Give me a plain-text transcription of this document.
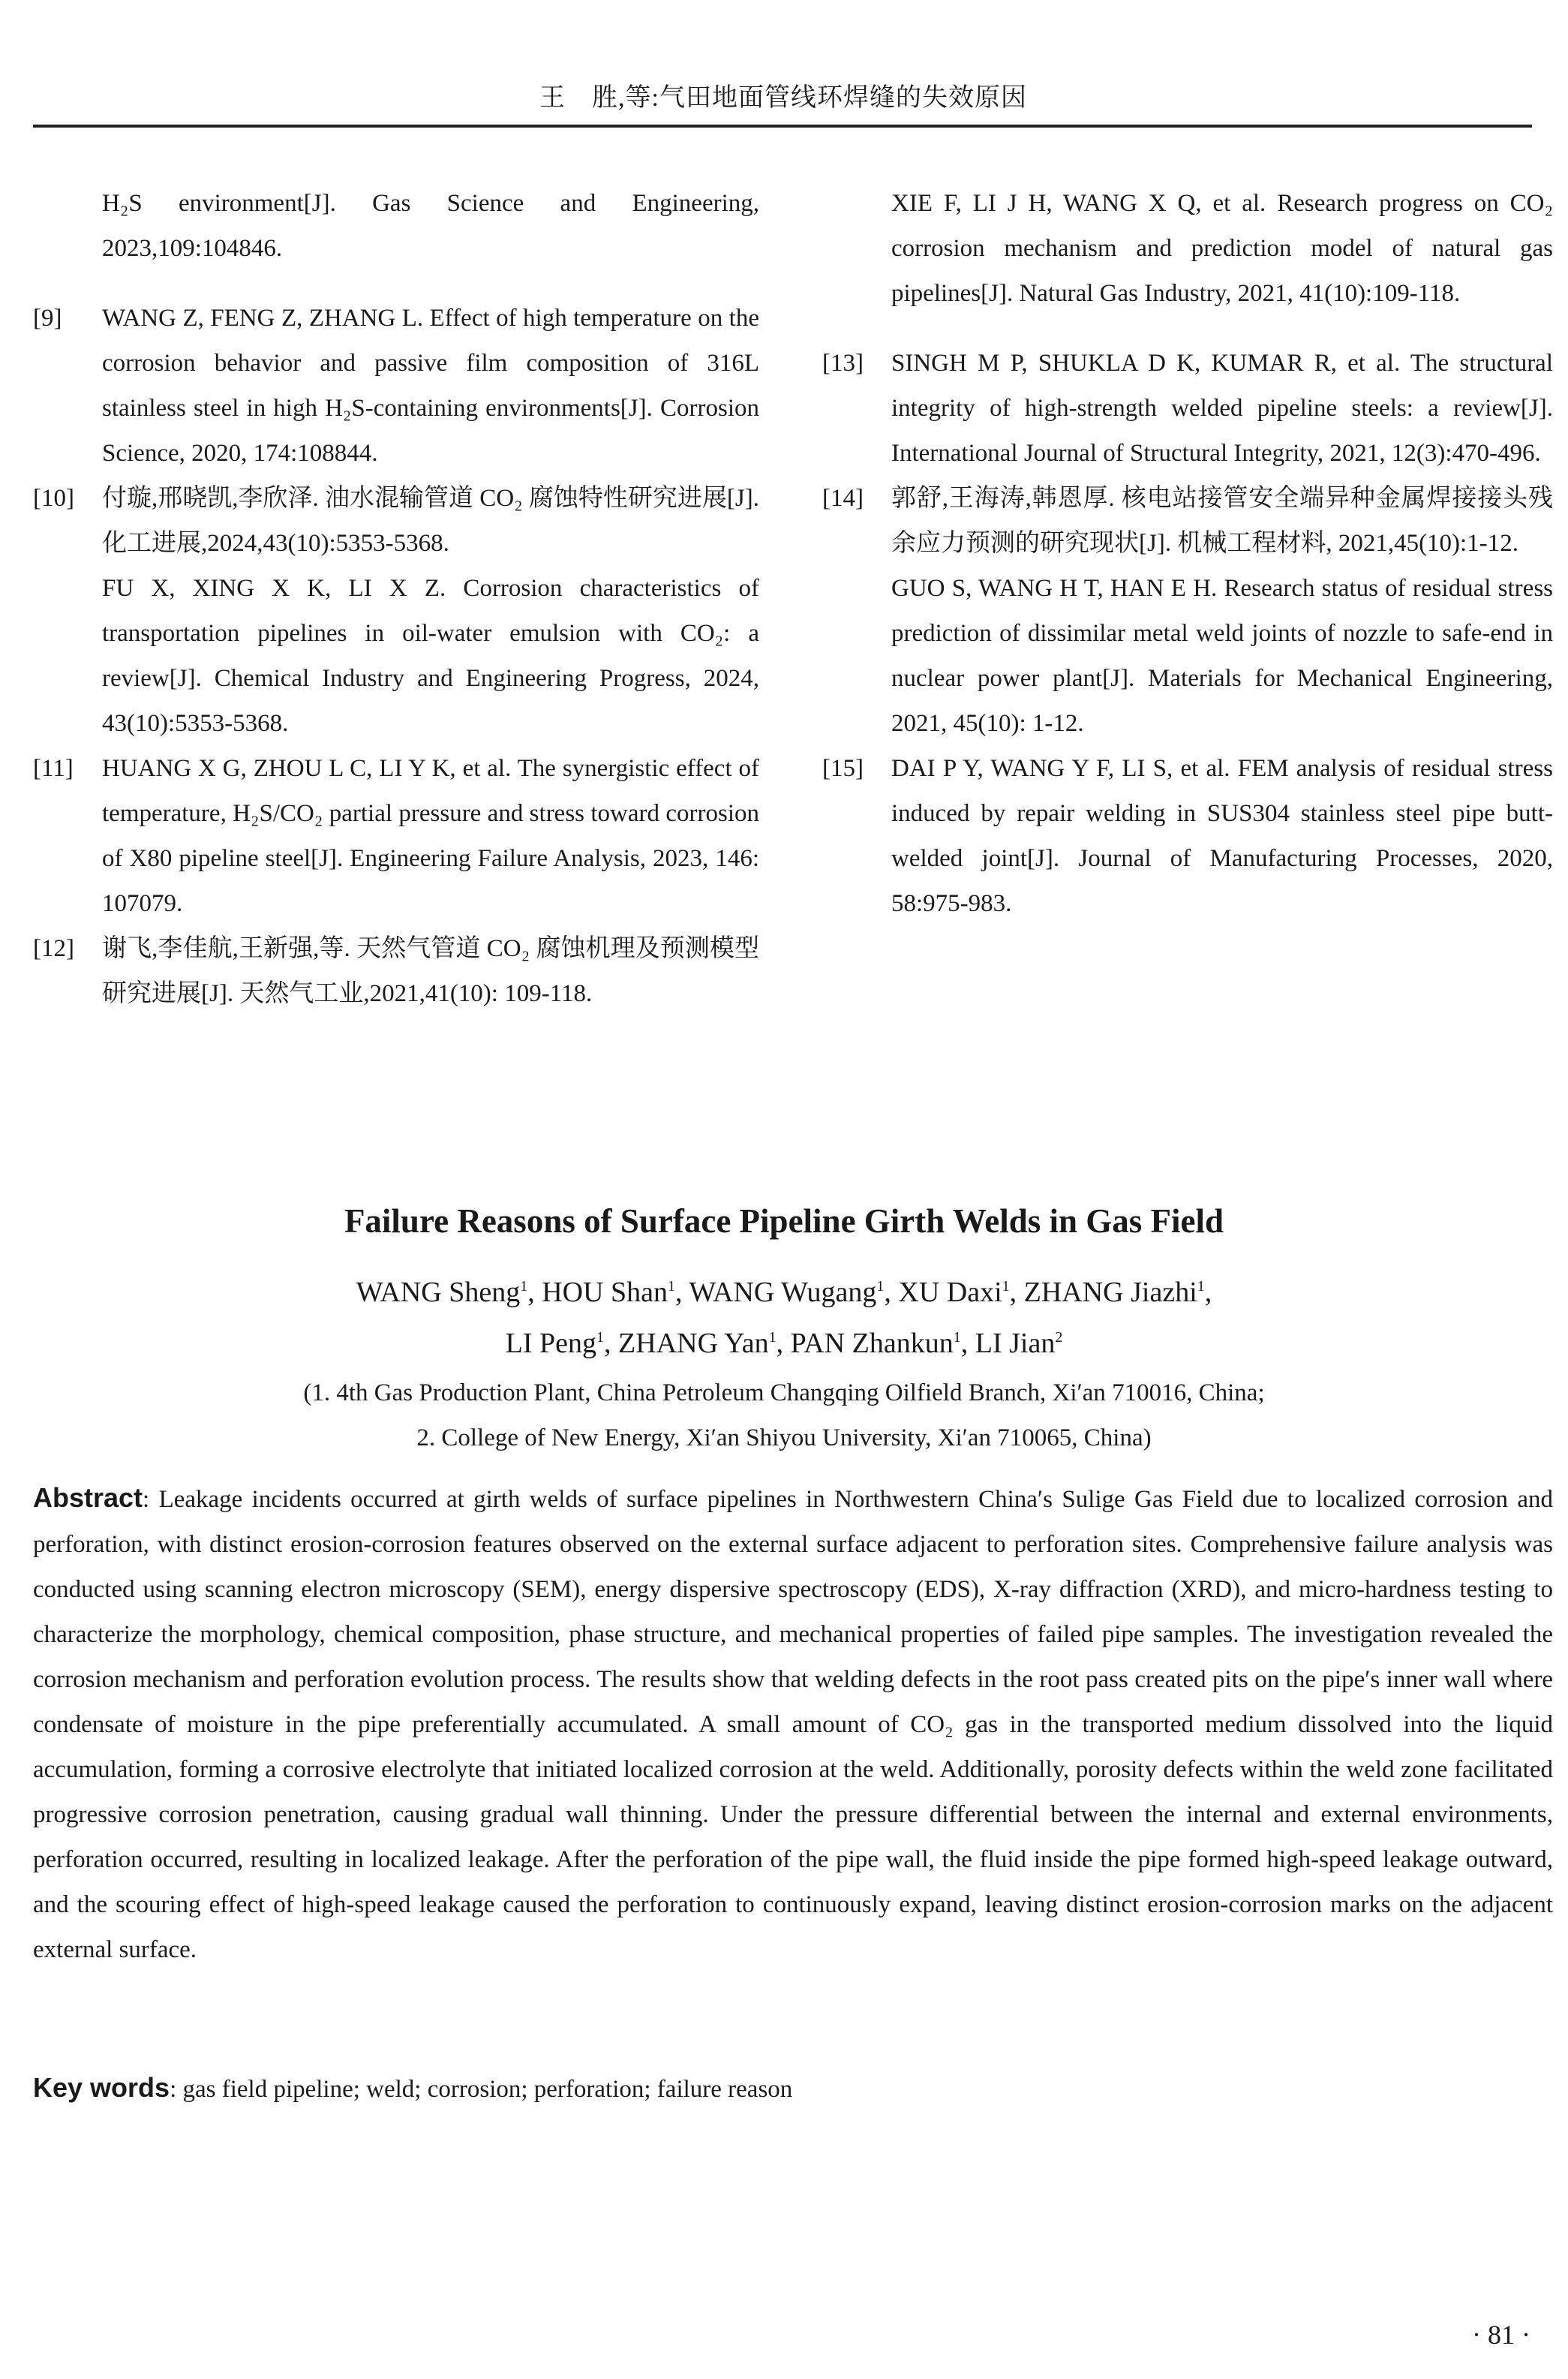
王　胜,等:气田地面管线环焊缝的失效原因

H₂S environment[J]. Gas Science and Engineering, 2023,109:104846.

[9]	WANG Z, FENG Z, ZHANG L. Effect of high temperature on the corrosion behavior and passive film composition of 316L stainless steel in high H₂S-containing environments[J]. Corrosion Science, 2020, 174:108844.

[10]	付璇,邢晓凯,李欣泽. 油水混输管道 CO₂ 腐蚀特性研究进展[J]. 化工进展,2024,43(10):5353-5368.

FU X, XING X K, LI X Z. Corrosion characteristics of transportation pipelines in oil-water emulsion with CO₂: a review[J]. Chemical Industry and Engineering Progress, 2024, 43(10):5353-5368.

[11]	HUANG X G, ZHOU L C, LI Y K, et al. The synergistic effect of temperature, H₂S/CO₂ partial pressure and stress toward corrosion of X80 pipeline steel[J]. Engineering Failure Analysis, 2023, 146: 107079.

[12]	谢飞,李佳航,王新强,等. 天然气管道 CO₂ 腐蚀机理及预测模型研究进展[J]. 天然气工业,2021,41(10): 109-118.

XIE F, LI J H, WANG X Q, et al. Research progress on CO₂ corrosion mechanism and prediction model of natural gas pipelines[J]. Natural Gas Industry, 2021, 41(10):109-118.

[13]	SINGH M P, SHUKLA D K, KUMAR R, et al. The structural integrity of high-strength welded pipeline steels: a review[J]. International Journal of Structural Integrity, 2021, 12(3):470-496.

[14]	郭舒,王海涛,韩恩厚. 核电站接管安全端异种金属焊接接头残余应力预测的研究现状[J]. 机械工程材料, 2021,45(10):1-12.

GUO S, WANG H T, HAN E H. Research status of residual stress prediction of dissimilar metal weld joints of nozzle to safe-end in nuclear power plant[J]. Materials for Mechanical Engineering, 2021, 45(10): 1-12.

[15]	DAI P Y, WANG Y F, LI S, et al. FEM analysis of residual stress induced by repair welding in SUS304 stainless steel pipe butt-welded joint[J]. Journal of Manufacturing Processes, 2020, 58:975-983.

Failure Reasons of Surface Pipeline Girth Welds in Gas Field
WANG Sheng$^1$, HOU Shan$^1$, WANG Wugang$^1$, XU Daxi$^1$, ZHANG Jiazhi$^1$,
LI Peng$^1$, ZHANG Yan$^1$, PAN Zhankun$^1$, LI Jian$^2$
(1. 4th Gas Production Plant, China Petroleum Changqing Oilfield Branch, Xi′an 710016, China;
2. College of New Energy, Xi′an Shiyou University, Xi′an 710065, China)

Abstract: Leakage incidents occurred at girth welds of surface pipelines in Northwestern China′s Sulige Gas Field due to localized corrosion and perforation, with distinct erosion-corrosion features observed on the external surface adjacent to perforation sites. Comprehensive failure analysis was conducted using scanning electron microscopy (SEM), energy dispersive spectroscopy (EDS), X-ray diffraction (XRD), and micro-hardness testing to characterize the morphology, chemical composition, phase structure, and mechanical properties of failed pipe samples. The investigation revealed the corrosion mechanism and perforation evolution process. The results show that welding defects in the root pass created pits on the pipe′s inner wall where condensate of moisture in the pipe preferentially accumulated. A small amount of CO₂ gas in the transported medium dissolved into the liquid accumulation, forming a corrosive electrolyte that initiated localized corrosion at the weld. Additionally, porosity defects within the weld zone facilitated progressive corrosion penetration, causing gradual wall thinning. Under the pressure differential between the internal and external environments, perforation occurred, resulting in localized leakage. After the perforation of the pipe wall, the fluid inside the pipe formed high-speed leakage outward, and the scouring effect of high-speed leakage caused the perforation to continuously expand, leaving distinct erosion-corrosion marks on the adjacent external surface.

Key words: gas field pipeline; weld; corrosion; perforation; failure reason

· 81 ·
